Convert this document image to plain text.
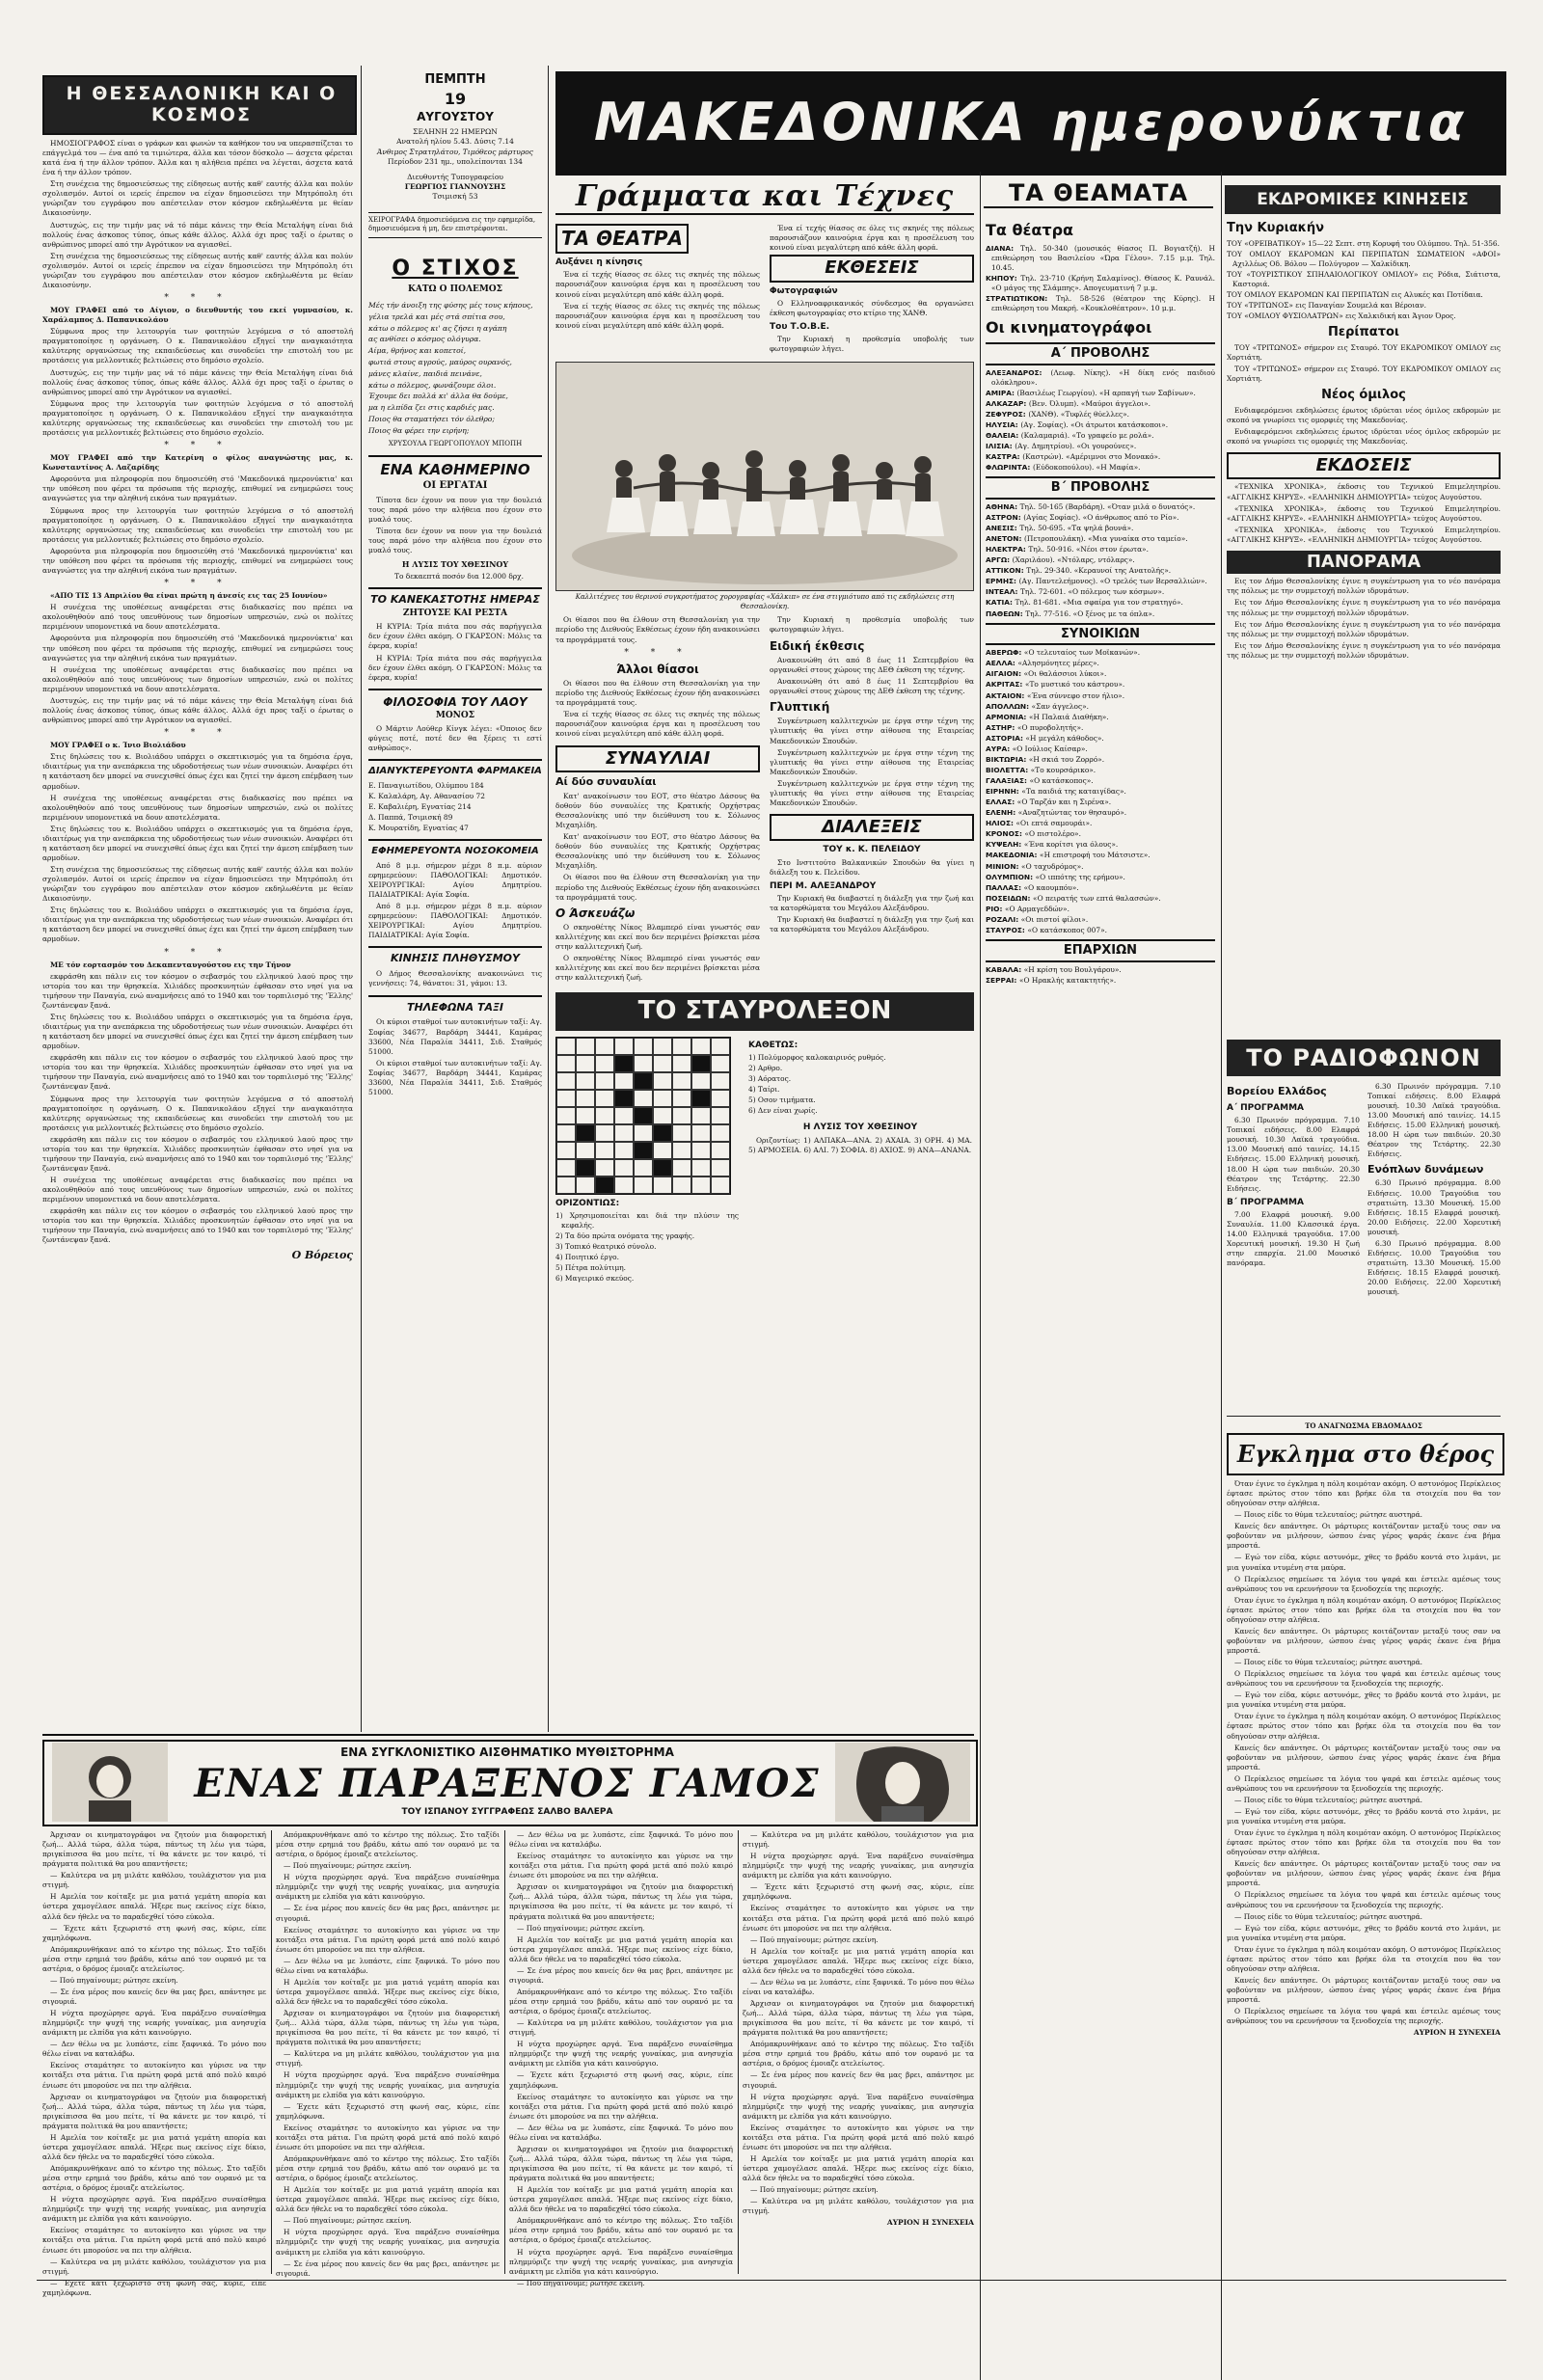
Η ΘΕΣΣΑΛΟΝΙΚΗ ΚΑΙ Ο ΚΟΣΜΟΣ

ΗΜΟΣΙΟΓΡΑΦΟΣ είναι ο γράφων και φωνών τα καθήκον του να υπερασπίζεται το επάγγελμά του — ένα από τα τιμιώτερα, άλλα και τόσον δύσκολο — άσχετα φέρεται κατά ένα ή την άλλον τρόπον. Άλλα και η αλήθεια πρέπει να λέγεται, άσχετα κατά ένα ή την άλλον τρόπον.

Στη συνέχεια της δημοσιεύσεως της είδησεως αυτής καθ' εαυτής άλλα και πολύν σχολιασμόν. Αυτοί οι ιερείς έπρεπον να είχαν δημοσιεύσει την Μητρόπολη ότι γνώριζαν του εγγράφου που απέστειλαν στον κόσμον εκδηλωθέντα με θείαν Δικαιοσύνην.

Δυστυχώς, εις την τιμήν μας νά τό πάμε κάνεις την Θεία Μεταλήψη είναι διά πολλούς ένας άσκοπος τύπος, όπως κάθε άλλος. Αλλά όχι προς ταξί ο έρωτας ο ανθρώπινος μπορεί από την Αγρότικον να αγιασθεί.

Στη συνέχεια της δημοσιεύσεως της είδησεως αυτής καθ' εαυτής άλλα και πολύν σχολιασμόν. Αυτοί οι ιερείς έπρεπον να είχαν δημοσιεύσει την Μητρόπολη ότι γνώριζαν του εγγράφου που απέστειλαν στον κόσμον εκδηλωθέντα με θείαν Δικαιοσύνην.

* * *

ΜΟΥ ΓΡΑΦΕΙ από το Αίγιον, ο διευθυντής του εκεί γυμνασίου, κ. Χαράλαμπος Δ. Παπανικολάου

Σύμφωνα προς την λειτουργία των φοιτητών λεγόμενα σ τό αποστολή πραγματοποίησε η οργάνωση. Ο κ. Παπανικολάου εξηγεί την αναγκαιότητα καλύτερης οργανώσεως της εκπαιδεύσεως και συνοδεύει την επιστολή του με προτάσεις για μελλοντικές βελτιώσεις στο δημόσιο σχολείο.

Δυστυχώς, εις την τιμήν μας νά τό πάμε κάνεις την Θεία Μεταλήψη είναι διά πολλούς ένας άσκοπος τύπος, όπως κάθε άλλος. Αλλά όχι προς ταξί ο έρωτας ο ανθρώπινος μπορεί από την Αγρότικον να αγιασθεί.

Σύμφωνα προς την λειτουργία των φοιτητών λεγόμενα σ τό αποστολή πραγματοποίησε η οργάνωση. Ο κ. Παπανικολάου εξηγεί την αναγκαιότητα καλύτερης οργανώσεως της εκπαιδεύσεως και συνοδεύει την επιστολή του με προτάσεις για μελλοντικές βελτιώσεις στο δημόσιο σχολείο.

* * *

ΜΟΥ ΓΡΑΦΕΙ από την Κατερίνη ο φίλος αναγνώστης μας, κ. Κωνσταντίνος Α. Λαζαρίδης

Αφορούντα μια πληροφορία που δημοσιεύθη στό 'Μακεδονικά ημερονύκτια' και την υπόθεση που φέρει τα πρόσωπα τής περιοχής, επιθυμεί να ενημερώσει τους αναγνώστες για την αληθινή εικόνα των πραγμάτων.

Σύμφωνα προς την λειτουργία των φοιτητών λεγόμενα σ τό αποστολή πραγματοποίησε η οργάνωση. Ο κ. Παπανικολάου εξηγεί την αναγκαιότητα καλύτερης οργανώσεως της εκπαιδεύσεως και συνοδεύει την επιστολή του με προτάσεις για μελλοντικές βελτιώσεις στο δημόσιο σχολείο.

Αφορούντα μια πληροφορία που δημοσιεύθη στό 'Μακεδονικά ημερονύκτια' και την υπόθεση που φέρει τα πρόσωπα τής περιοχής, επιθυμεί να ενημερώσει τους αναγνώστες για την αληθινή εικόνα των πραγμάτων.

* * *

«ΑΠΟ ΤΙΣ 13 Απριλίου θα είναι πρώτη η άνεσίς εις τας 25 Ιουνίου»

Η συνέχεια της υποθέσεως αναφέρεται στις διαδικασίες που πρέπει να ακολουθηθούν από τους υπευθύνους των δημοσίων υπηρεσιών, ενώ οι πολίτες περιμένουν υπομονετικά να δουν αποτελέσματα.

Αφορούντα μια πληροφορία που δημοσιεύθη στό 'Μακεδονικά ημερονύκτια' και την υπόθεση που φέρει τα πρόσωπα τής περιοχής, επιθυμεί να ενημερώσει τους αναγνώστες για την αληθινή εικόνα των πραγμάτων.

Η συνέχεια της υποθέσεως αναφέρεται στις διαδικασίες που πρέπει να ακολουθηθούν από τους υπευθύνους των δημοσίων υπηρεσιών, ενώ οι πολίτες περιμένουν υπομονετικά να δουν αποτελέσματα.

Δυστυχώς, εις την τιμήν μας νά τό πάμε κάνεις την Θεία Μεταλήψη είναι διά πολλούς ένας άσκοπος τύπος, όπως κάθε άλλος. Αλλά όχι προς ταξί ο έρωτας ο ανθρώπινος μπορεί από την Αγρότικον να αγιασθεί.

* * *

ΜΟΥ ΓΡΑΦΕΙ ο κ. Ίνιο Βιολιάδου

Στις δηλώσεις του κ. Βιολιάδου υπάρχει ο σκεπτικισμός για τα δημόσια έργα, ιδιαιτέρως για την ανεπάρκεια της υδροδοτήσεως των νέων συνοικιών. Αναφέρει ότι η κατάσταση δεν μπορεί να συνεχισθεί όπως έχει και ζητεί την άμεση επέμβαση των αρμοδίων.

Η συνέχεια της υποθέσεως αναφέρεται στις διαδικασίες που πρέπει να ακολουθηθούν από τους υπευθύνους των δημοσίων υπηρεσιών, ενώ οι πολίτες περιμένουν υπομονετικά να δουν αποτελέσματα.

Στις δηλώσεις του κ. Βιολιάδου υπάρχει ο σκεπτικισμός για τα δημόσια έργα, ιδιαιτέρως για την ανεπάρκεια της υδροδοτήσεως των νέων συνοικιών. Αναφέρει ότι η κατάσταση δεν μπορεί να συνεχισθεί όπως έχει και ζητεί την άμεση επέμβαση των αρμοδίων.

Στη συνέχεια της δημοσιεύσεως της είδησεως αυτής καθ' εαυτής άλλα και πολύν σχολιασμόν. Αυτοί οι ιερείς έπρεπον να είχαν δημοσιεύσει την Μητρόπολη ότι γνώριζαν του εγγράφου που απέστειλαν στον κόσμον εκδηλωθέντα με θείαν Δικαιοσύνην.

Στις δηλώσεις του κ. Βιολιάδου υπάρχει ο σκεπτικισμός για τα δημόσια έργα, ιδιαιτέρως για την ανεπάρκεια της υδροδοτήσεως των νέων συνοικιών. Αναφέρει ότι η κατάσταση δεν μπορεί να συνεχισθεί όπως έχει και ζητεί την άμεση επέμβαση των αρμοδίων.

* * *

ΜΕ τόν εορτασμόν του Δεκαπενταυγούστου εις την Τήνον

εκφράσθη και πάλιν εις τον κόσμον ο σεβασμός του ελληνικού λαού προς την ιστορία του και την θρησκεία. Χιλιάδες προσκυνητών έφθασαν στο νησί για να τιμήσουν την Παναγία, ενώ αναμνήσεις από το 1940 και τον τορπιλισμό της 'Έλλης' ζωντάνεψαν ξανά.

Στις δηλώσεις του κ. Βιολιάδου υπάρχει ο σκεπτικισμός για τα δημόσια έργα, ιδιαιτέρως για την ανεπάρκεια της υδροδοτήσεως των νέων συνοικιών. Αναφέρει ότι η κατάσταση δεν μπορεί να συνεχισθεί όπως έχει και ζητεί την άμεση επέμβαση των αρμοδίων.

εκφράσθη και πάλιν εις τον κόσμον ο σεβασμός του ελληνικού λαού προς την ιστορία του και την θρησκεία. Χιλιάδες προσκυνητών έφθασαν στο νησί για να τιμήσουν την Παναγία, ενώ αναμνήσεις από το 1940 και τον τορπιλισμό της 'Έλλης' ζωντάνεψαν ξανά.

Σύμφωνα προς την λειτουργία των φοιτητών λεγόμενα σ τό αποστολή πραγματοποίησε η οργάνωση. Ο κ. Παπανικολάου εξηγεί την αναγκαιότητα καλύτερης οργανώσεως της εκπαιδεύσεως και συνοδεύει την επιστολή του με προτάσεις για μελλοντικές βελτιώσεις στο δημόσιο σχολείο.

εκφράσθη και πάλιν εις τον κόσμον ο σεβασμός του ελληνικού λαού προς την ιστορία του και την θρησκεία. Χιλιάδες προσκυνητών έφθασαν στο νησί για να τιμήσουν την Παναγία, ενώ αναμνήσεις από το 1940 και τον τορπιλισμό της 'Έλλης' ζωντάνεψαν ξανά.

Η συνέχεια της υποθέσεως αναφέρεται στις διαδικασίες που πρέπει να ακολουθηθούν από τους υπευθύνους των δημοσίων υπηρεσιών, ενώ οι πολίτες περιμένουν υπομονετικά να δουν αποτελέσματα.

εκφράσθη και πάλιν εις τον κόσμον ο σεβασμός του ελληνικού λαού προς την ιστορία του και την θρησκεία. Χιλιάδες προσκυνητών έφθασαν στο νησί για να τιμήσουν την Παναγία, ενώ αναμνήσεις από το 1940 και τον τορπιλισμό της 'Έλλης' ζωντάνεψαν ξανά.

Ο Βόρειος
ΠΕΜΠΤΗ
19
ΑΥΓΟΥΣΤΟΥ
ΣΕΛΗΝΗ 22 ΗΜΕΡΩΝ
Ανατολή ηλίου 5.43. Δύσις 7.14
Άνθιμος Στρατηλάτου, Τιμόθεος μάρτυρος
Περίοδον 231 ημ., υπολείπονται 134
Διευθυντής Τυπογραφείου
ΓΕΩΡΓΙΟΣ ΓΙΑΝΝΟΥΣΗΣ
Τσιμισκή 53
ΧΕΙΡΟΓΡΑΦΑ δημοσιεύόμενα εις την εφημερίδα, δημοσιευόμενα ή μη, δεν επιστρέφονται.
Ο ΣΤΙΧΟΣ
ΚΑΤΩ Ο ΠΟΛΕΜΟΣ
Μές τήν άνοιξη της φύσης μές τους κήπους,
γέλια τρελά και μές στά σπίτια σου,
κάτω ο πόλεμος κι' ας ζήσει η αγάπη
ας ανθίσει ο κόσμος ολόγυρα.
Αίμα, θρήνος και κοπετοί,
φωτιά στους αγρούς, μαύρος ουρανός,
μάνες κλαίνε, παιδιά πεινάνε,
κάτω ο πόλεμος, φωνάζουμε όλοι.
Έχουμε δει πολλά κι' άλλα θα δούμε,
μα η ελπίδα ζει στις καρδιές μας.
Ποιος θα σταματήσει τόν όλεθρο;
Ποιος θα φέρει την ειρήνη;
ΧΡΥΣΟΥΛΑ ΓΕΩΡΓΟΠΟΥΛΟΥ ΜΠΟΠΗ
ΕΝΑ ΚΑΘΗΜΕΡΙΝΟ
ΟΙ ΕΡΓΑΤΑΙ

Τίποτα δεν έχουν να πουν για την δουλειά τους παρά μόνο την αλήθεια που έχουν στο μυαλό τους.

Τίποτα δεν έχουν να πουν για την δουλειά τους παρά μόνο την αλήθεια που έχουν στο μυαλό τους.

Η ΛΥΣΙΣ ΤΟΥ ΧΘΕΣΙΝΟΥ

Το δεκαεπτά ποσόν δια 12.000 δρχ.

ΤΟ ΚΑΝΕΚΑΣΤΟΤΗΣ ΗΜΕΡΑΣ
ΖΗΤΟΥΣΕ ΚΑΙ ΡΕΣΤΑ

Η ΚΥΡΙΑ: Τρία πιάτα που σάς παρήγγειλα δεν έχουν έλθει ακόμη. Ο ΓΚΑΡΣΟΝ: Μόλις τα έφερα, κυρία!

Η ΚΥΡΙΑ: Τρία πιάτα που σάς παρήγγειλα δεν έχουν έλθει ακόμη. Ο ΓΚΑΡΣΟΝ: Μόλις τα έφερα, κυρία!

ΦΙΛΟΣΟΦΙΑ ΤΟΥ ΛΑΟΥ
ΜΟΝΟΣ

Ο Μάρτιν Λούθερ Κίνγκ λέγει: «Όποιος δεν φύγεις ποτέ, ποτέ δεν θα ξέρεις τι εστί ανθρώπος».

ΔΙΑΝΥΚΤΕΡΕΥΟΝΤΑ ΦΑΡΜΑΚΕΙΑ
Ε. Παναγιωτίδου, Ολύμπου 184
Κ. Καλαλάρη, Αγ. Αθανασίου 72
Ε. Καβαλιέρη, Εγνατίας 214
Δ. Παππά, Τσιμισκή 89
Κ. Μουρατίδη, Εγνατίας 47
ΕΦΗΜΕΡΕΥΟΝΤΑ ΝΟΣΟΚΟΜΕΙΑ

Από 8 μ.μ. σήμερον μέχρι 8 π.μ. αύριον εφημερεύουν: ΠΑΘΟΛΟΓΙΚΑΙ: Δημοτικόν. ΧΕΙΡΟΥΡΓΙΚΑΙ: Αγίου Δημητρίου. ΠΑΙΔΙΑΤΡΙΚΑΙ: Αγία Σοφία.

Από 8 μ.μ. σήμερον μέχρι 8 π.μ. αύριον εφημερεύουν: ΠΑΘΟΛΟΓΙΚΑΙ: Δημοτικόν. ΧΕΙΡΟΥΡΓΙΚΑΙ: Αγίου Δημητρίου. ΠΑΙΔΙΑΤΡΙΚΑΙ: Αγία Σοφία.

ΚΙΝΗΣΙΣ ΠΛΗΘΥΣΜΟΥ

Ο Δήμος Θεσσαλονίκης ανακοινώνει τις γεννήσεις: 74, θάνατοι: 31, γάμοι: 13.

ΤΗΛΕΦΩΝΑ ΤΑΞΙ

Οι κύριοι σταθμοί των αυτοκινήτων ταξί: Αγ. Σοφίας 34677, Βαρδάρη 34441, Καμάρας 33600, Νέα Παραλία 34411, Σιδ. Σταθμός 51000.

Οι κύριοι σταθμοί των αυτοκινήτων ταξί: Αγ. Σοφίας 34677, Βαρδάρη 34441, Καμάρας 33600, Νέα Παραλία 34411, Σιδ. Σταθμός 51000.

ΜΑΚΕΔΟΝΙΚΑ ημερονύκτια
Γράμματα και Τέχνες	ΤΑ ΘΕΑΜΑΤΑ	ΕΚΔΡΟΜΙΚΕΣ ΚΙΝΗΣΕΙΣ
ΤΑ ΘΕΑΤΡΑ
Αυξάνει η κίνησις

Ένα εί τεχής θίασος σε όλες τις σκηνές της πόλεως παρουσιάζουν καινούρια έργα και η προσέλευση του κοινού είναι μεγαλύτερη από κάθε άλλη φορά.

Ένα εί τεχής θίασος σε όλες τις σκηνές της πόλεως παρουσιάζουν καινούρια έργα και η προσέλευση του κοινού είναι μεγαλύτερη από κάθε άλλη φορά.

Ένα εί τεχής θίασος σε όλες τις σκηνές της πόλεως παρουσιάζουν καινούρια έργα και η προσέλευση του κοινού είναι μεγαλύτερη από κάθε άλλη φορά.

ΕΚΘΕΣΕΙΣ
Φωτογραφιών

Ο Ελληνοαφρικανικός σύνδεσμος θα οργανώσει έκθεση φωτογραφίας στο κτίριο της ΧΑΝΘ.

Του Τ.Ο.Β.Ε.

Την Κυριακή η προθεσμία υποβολής των φωτογραφιών λήγει.

Καλλιτέχνες του θερινού συγκροτήματος χορογραφίας «Χάλκιπ» σε ένα στιγμιότυπο από τις εκδηλώσεις στη Θεσσαλονίκη.

Οι θίασοι που θα έλθουν στη Θεσσαλονίκη για την περίοδο της Διεθνούς Εκθέσεως έχουν ήδη ανακοινώσει τα προγράμματά τους.

* * *
Άλλοι θίασοι

Οι θίασοι που θα έλθουν στη Θεσσαλονίκη για την περίοδο της Διεθνούς Εκθέσεως έχουν ήδη ανακοινώσει τα προγράμματά τους.

Ένα εί τεχής θίασος σε όλες τις σκηνές της πόλεως παρουσιάζουν καινούρια έργα και η προσέλευση του κοινού είναι μεγαλύτερη από κάθε άλλη φορά.

ΣΥΝΑΥΛΙΑΙ
Αί δύο συναυλίαι

Κατ' ανακοίνωσιν του ΕΟΤ, στο θέατρο Δάσους θα δοθούν δύο συναυλίες της Κρατικής Ορχήστρας Θεσσαλονίκης υπό την διεύθυνση του κ. Σόλωνος Μιχαηλίδη.

Κατ' ανακοίνωσιν του ΕΟΤ, στο θέατρο Δάσους θα δοθούν δύο συναυλίες της Κρατικής Ορχήστρας Θεσσαλονίκης υπό την διεύθυνση του κ. Σόλωνος Μιχαηλίδη.

Οι θίασοι που θα έλθουν στη Θεσσαλονίκη για την περίοδο της Διεθνούς Εκθέσεως έχουν ήδη ανακοινώσει τα προγράμματά τους.

Ο Άσκευάζω

Ο σκηνοθέτης Νίκος Βλαμπερό είναι γνωστός σαν καλλιτέχνης και εκεί που δεν περιμένει βρίσκεται μέσα στην καλλιτεχνική ζωή.

Ο σκηνοθέτης Νίκος Βλαμπερό είναι γνωστός σαν καλλιτέχνης και εκεί που δεν περιμένει βρίσκεται μέσα στην καλλιτεχνική ζωή.

Την Κυριακή η προθεσμία υποβολής των φωτογραφιών λήγει.

Ειδική έκθεσις

Ανακοινώθη ότι από 8 έως 11 Σεπτεμβρίου θα οργανωθεί στους χώρους της ΔΕΘ έκθεση της τέχνης.

Ανακοινώθη ότι από 8 έως 11 Σεπτεμβρίου θα οργανωθεί στους χώρους της ΔΕΘ έκθεση της τέχνης.

Γλυπτική

Συγκέντρωση καλλιτεχνών με έργα στην τέχνη της γλυπτικής θα γίνει στην αίθουσα της Εταιρείας Μακεδονικών Σπουδών.

Συγκέντρωση καλλιτεχνών με έργα στην τέχνη της γλυπτικής θα γίνει στην αίθουσα της Εταιρείας Μακεδονικών Σπουδών.

Συγκέντρωση καλλιτεχνών με έργα στην τέχνη της γλυπτικής θα γίνει στην αίθουσα της Εταιρείας Μακεδονικών Σπουδών.

ΔΙΑΛΕΞΕΙΣ
ΤΟΥ κ. Κ. ΠΕΛΕΙΔΟΥ

Στο Ινστιτούτο Βαλκανικών Σπουδών θα γίνει η διάλεξη του κ. Πελείδου.

ΠΕΡΙ Μ. ΑΛΕΞΑΝΔΡΟΥ

Την Κυριακή θα διαβαστεί η διάλεξη για την ζωή και τα κατορθώματα του Μεγάλου Αλεξάνδρου.

Την Κυριακή θα διαβαστεί η διάλεξη για την ζωή και τα κατορθώματα του Μεγάλου Αλεξάνδρου.

ΤΟ ΣΤΑΥΡΟΛΕΞΟΝ
ΟΡΙΖΟΝΤΙΩΣ:
1) Χρησιμοποιείται και διά την πλύσιν της κεφαλής.
2) Τα δύο πρώτα ονόματα της γραφής.
3) Τοπικό θεατρικό σύνολο.
4) Ποιητικό έργο.
5) Πέτρα πολύτιμη.
6) Μαγειρικό σκεύος.
ΚΑΘΕΤΩΣ:
1) Πολύμορφος καλοκαιρινός ρυθμός.
2) Αρθρο.
3) Αόρατος.
4) Ταίρι.
5) Οσον τιμήματα.
6) Δεν είναι χωρίς.
Η ΛΥΣΙΣ ΤΟΥ ΧΘΕΣΙΝΟΥ

Οριζοντίως: 1) ΑΛΠΑΚΑ—ΑΝΑ. 2) ΑΧΑΙΑ. 3) ΟΡΗ. 4) ΜΑ. 5) ΑΡΜΟΣΕΙΑ. 6) ΑΛΙ. 7) ΣΟΦΙΑ. 8) ΑΧΙΟΣ. 9) ΑΝΑ—ΑΝΑΝΑ.

Τα θέατρα
ΔΙΑΝΑ: Τηλ. 50-340 (μουσικός θίασος Π. Βογιατζή). Η επιθεώρηση του Βασιλείου «Ώρα Γέλου». 7.15 μ.μ. Τηλ. 10.45.
ΚΗΠΟΥ: Τηλ. 23-710 (Κρήνη Σαλαμίνος). Θίασος Κ. Ραυνάλ. «Ο μάγος της Σλάμπης». Απογευματινή 7 μ.μ.
ΣΤΡΑΤΙΩΤΙΚΟΝ: Τηλ. 58-526 (θέατρον της Κύρης). Η επιθεώρηση του Μακρή. «Κουκλοθέατρον». 10 μ.μ.
Οι κινηματογράφοι
Α΄ ΠΡΟΒΟΛΗΣ
ΑΛΕΞΑΝΔΡΟΣ: (Λεωφ. Νίκης). «Η δίκη ενός παιδιού ολόκληρου».
ΑΜΙΡΑ: (Βασιλέως Γεωργίου). «Η αρπαγή των Σαβίνων».
ΑΛΚΑΖΑΡ: (Βεν. Όλυμπ). «Μαύροι άγγελοι».
ΖΕΦΥΡΟΣ: (ΧΑΝΘ). «Τυφλές θύελλες».
ΗΛΥΣΙΑ: (Αγ. Σοφίας). «Οι άτρωτοι κατάσκοποι».
ΘΑΛΕΙΑ: (Καλαμαριά). «Το γραφείο με ρολά».
ΙΛΙΣΙΑ: (Αγ. Δημητρίου). «Οι γουρούνες».
ΚΑΣΤΡΑ: (Καστρών). «Αμέριμνοι στο Μονακό».
ΦΛΩΡΙΝΤΑ: (Εύδοκοπούλου). «Η Μαφία».
Β΄ ΠΡΟΒΟΛΗΣ
ΑΘΗΝΑ: Τηλ. 50-165 (Βαρδάρη). «Όταν μιλά ο δυνατός».
ΑΣΤΡΟΝ: (Αγίας Σοφίας). «Ο άνθρωπος από το Ρίο».
ΑΝΕΣΙΣ: Τηλ. 50-695. «Τα ψηλά βουνά».
ΑΝΕΤΟΝ: (Πετροπουλάκη). «Μια γυναίκα στο ταμείο».
ΗΛΕΚΤΡΑ: Τηλ. 50-916. «Νέοι στον έρωτα».
ΑΡΓΩ: (Χαριλάου). «Ντόλαρς, ντόλαρς».
ΑΤΤΙΚΟΝ: Τηλ. 29-340. «Κεραυνοί της Ανατολής».
ΕΡΜΗΣ: (Αγ. Παντελεήμονος). «Ο τρελός των Βερσαλλιών».
ΙΝΤΕΑΛ: Τηλ. 72-601. «Ο πόλεμος των κόσμων».
ΚΑΤΙΑ: Τηλ. 81-681. «Μια σφαίρα για τον στρατηγό».
ΠΑΘΕΩΝ: Τηλ. 77-516. «Ο ξένος με τα όπλα».
ΣΥΝΟΙΚΙΩΝ
ΑΒΕΡΩΦ: «Ο τελευταίος των Μοϊκανών».
ΑΕΛΛΑ: «Αλησμόνητες μέρες».
ΑΙΓΑΙΟΝ: «Οι θαλάσσιοι λύκοι».
ΑΚΡΙΤΑΣ: «Το μυστικό του κάστρου».
ΑΚΤΑΙΟΝ: «Ένα σύννεφο στον ήλιο».
ΑΠΟΛΛΩΝ: «Σαν άγγελος».
ΑΡΜΟΝΙΑ: «Η Παλαιά Διαθήκη».
ΑΣΤΗΡ: «Ο πυροβολητής».
ΑΣΤΟΡΙΑ: «Η μεγάλη κάθοδος».
ΑΥΡΑ: «Ο Ιούλιος Καίσαρ».
ΒΙΚΤΩΡΙΑ: «Η σκιά του Ζορρό».
ΒΙΟΛΕΤΤΑ: «Το κουρσάρικο».
ΓΑΛΑΞΙΑΣ: «Ο κατάσκοπος».
ΕΙΡΗΝΗ: «Τα παιδιά της καταιγίδας».
ΕΛΛΑΣ: «Ο Ταρζάν και η Σιρένα».
ΕΛΕΝΗ: «Αναζητώντας τον θησαυρό».
ΗΛΙΟΣ: «Οι επτά σαμουράι».
ΚΡΟΝΟΣ: «Ο πιστολέρο».
ΚΥΨΕΛΗ: «Ένα κορίτσι για όλους».
ΜΑΚΕΔΟΝΙΑ: «Η επιστροφή του Μάτσιστε».
ΜΙΝΙΟΝ: «Ο ταχυδρόμος».
ΟΛΥΜΠΙΟΝ: «Ο ιππότης της ερήμου».
ΠΑΛΛΑΣ: «Ο καουμπόυ».
ΠΟΣΕΙΔΩΝ: «Ο πειρατής των επτά θαλασσών».
ΡΙΟ: «Ο Αρμαγεδδών».
ΡΟΖΑΛΙ: «Οι πιστοί φίλοι».
ΣΤΑΥΡΟΣ: «Ο κατάσκοπος 007».
ΕΠΑΡΧΙΩΝ
ΚΑΒΑΛΑ: «Η κρίση του Βουλγάρου».
ΣΕΡΡΑΙ: «Ο Ηρακλής κατακτητής».
Την Κυριακήν
ΤΟΥ «ΟΡΕΙΒΑΤΙΚΟΥ» 15—22 Σεπτ. στη Κορυφή του Ολύμπου. Τηλ. 51-356.
ΤΟΥ ΟΜΙΛΟΥ ΕΚΔΡΟΜΩΝ ΚΑΙ ΠΕΡΙΠΑΤΩΝ ΣΩΜΑΤΕΙΟΝ «ΑΦΟΙ» Αχιλλέως Οδ. Βόλου — Πολύγυρον — Χαλκίδικη.
ΤΟΥ «ΤΟΥΡΙΣΤΙΚΟΥ ΣΠΗΛΑΙΟΛΟΓΙΚΟΥ ΟΜΙΛΟΥ» εις Ρόδια, Σιάτιστα, Καστοριά.
ΤΟΥ ΟΜΙΛΟΥ ΕΚΔΡΟΜΩΝ ΚΑΙ ΠΕΡΙΠΑΤΩΝ εις Αλυκές και Ποτίδαια.
ΤΟΥ «ΤΡΙΤΩΝΟΣ» εις Παναγίαν Σουμελά και Βέροιαν.
ΤΟΥ «ΟΜΙΛΟΥ ΦΥΣΙΟΛΑΤΡΩΝ» εις Χαλκιδική και Άγιον Όρος.
Περίπατοι

ΤΟΥ «ΤΡΙΤΩΝΟΣ» σήμερον εις Σταυρό. ΤΟΥ ΕΚΔΡΟΜΙΚΟΥ ΟΜΙΛΟΥ εις Χορτιάτη.

ΤΟΥ «ΤΡΙΤΩΝΟΣ» σήμερον εις Σταυρό. ΤΟΥ ΕΚΔΡΟΜΙΚΟΥ ΟΜΙΛΟΥ εις Χορτιάτη.

Νέος όμιλος

Ενδιαφερόμενοι εκδηλώσεις έρωτος ιδρύεται νέος όμιλος εκδρομών με σκοπό να γνωρίσει τις ομορφιές της Μακεδονίας.

Ενδιαφερόμενοι εκδηλώσεις έρωτος ιδρύεται νέος όμιλος εκδρομών με σκοπό να γνωρίσει τις ομορφιές της Μακεδονίας.

ΕΚΔΟΣΕΙΣ

«ΤΕΧΝΙΚΑ ΧΡΟΝΙΚΑ», έκδοσις του Τεχνικού Επιμελητηρίου. «ΑΓΓΛΙΚΗΣ ΚΗΡΥΞ». «ΕΛΛΗΝΙΚΗ ΔΗΜΙΟΥΡΓΙΑ» τεύχος Αυγούστου.

«ΤΕΧΝΙΚΑ ΧΡΟΝΙΚΑ», έκδοσις του Τεχνικού Επιμελητηρίου. «ΑΓΓΛΙΚΗΣ ΚΗΡΥΞ». «ΕΛΛΗΝΙΚΗ ΔΗΜΙΟΥΡΓΙΑ» τεύχος Αυγούστου.

«ΤΕΧΝΙΚΑ ΧΡΟΝΙΚΑ», έκδοσις του Τεχνικού Επιμελητηρίου. «ΑΓΓΛΙΚΗΣ ΚΗΡΥΞ». «ΕΛΛΗΝΙΚΗ ΔΗΜΙΟΥΡΓΙΑ» τεύχος Αυγούστου.

ΠΑΝΟΡΑΜΑ

Εις τον Δήμο Θεσσαλονίκης έγινε η συγκέντρωση για το νέο πανόραμα της πόλεως με την συμμετοχή πολλών ιδρυμάτων.

Εις τον Δήμο Θεσσαλονίκης έγινε η συγκέντρωση για το νέο πανόραμα της πόλεως με την συμμετοχή πολλών ιδρυμάτων.

Εις τον Δήμο Θεσσαλονίκης έγινε η συγκέντρωση για το νέο πανόραμα της πόλεως με την συμμετοχή πολλών ιδρυμάτων.

Εις τον Δήμο Θεσσαλονίκης έγινε η συγκέντρωση για το νέο πανόραμα της πόλεως με την συμμετοχή πολλών ιδρυμάτων.

ΤΟ ΡΑΔΙΟΦΩΝΟΝ
Βορείου Ελλάδος
Α΄ ΠΡΟΓΡΑΜΜΑ

6.30 Πρωινόν πρόγραμμα. 7.10 Τοπικαί ειδήσεις. 8.00 Ελαφρά μουσική. 10.30 Λαϊκά τραγούδια. 13.00 Μουσική από ταινίες. 14.15 Ειδήσεις. 15.00 Ελληνική μουσική. 18.00 Η ώρα των παιδιών. 20.30 Θέατρον της Τετάρτης. 22.30 Ειδήσεις.

Β΄ ΠΡΟΓΡΑΜΜΑ

7.00 Ελαφρά μουσική. 9.00 Συναυλία. 11.00 Κλασσικά έργα. 14.00 Ελληνικά τραγούδια. 17.00 Χορευτική μουσική. 19.30 Η ζωή στην επαρχία. 21.00 Μουσικό πανόραμα.

6.30 Πρωινόν πρόγραμμα. 7.10 Τοπικαί ειδήσεις. 8.00 Ελαφρά μουσική. 10.30 Λαϊκά τραγούδια. 13.00 Μουσική από ταινίες. 14.15 Ειδήσεις. 15.00 Ελληνική μουσική. 18.00 Η ώρα των παιδιών. 20.30 Θέατρον της Τετάρτης. 22.30 Ειδήσεις.

Ενόπλων δυνάμεων

6.30 Πρωινό πρόγραμμα. 8.00 Ειδήσεις. 10.00 Τραγούδια του στρατιώτη. 13.30 Μουσική. 15.00 Ειδήσεις. 18.15 Ελαφρά μουσική. 20.00 Ειδήσεις. 22.00 Χορευτική μουσική.

6.30 Πρωινό πρόγραμμα. 8.00 Ειδήσεις. 10.00 Τραγούδια του στρατιώτη. 13.30 Μουσική. 15.00 Ειδήσεις. 18.15 Ελαφρά μουσική. 20.00 Ειδήσεις. 22.00 Χορευτική μουσική.

ΤΟ ΑΝΑΓΝΩΣΜΑ ΕΒΔΟΜΑΔΟΣ
Εγκλημα στο θέρος

Όταν έγινε το έγκλημα η πόλη κοιμόταν ακόμη. Ο αστυνόμος Περίκλειος έφτασε πρώτος στον τόπο και βρήκε όλα τα στοιχεία που θα τον οδηγούσαν στην αλήθεια.

— Ποιος είδε το θύμα τελευταίος; ρώτησε αυστηρά.

Κανείς δεν απάντησε. Οι μάρτυρες κοιτάζονταν μεταξύ τους σαν να φοβούνταν να μιλήσουν, ώσπου ένας γέρος ψαράς έκανε ένα βήμα μπροστά.

— Εγώ τον είδα, κύριε αστυνόμε, χθες το βράδυ κοντά στο λιμάνι, με μια γυναίκα ντυμένη στα μαύρα.

Ο Περίκλειος σημείωσε τα λόγια του ψαρά και έστειλε αμέσως τους ανθρώπους του να ερευνήσουν τα ξενοδοχεία της περιοχής.

Όταν έγινε το έγκλημα η πόλη κοιμόταν ακόμη. Ο αστυνόμος Περίκλειος έφτασε πρώτος στον τόπο και βρήκε όλα τα στοιχεία που θα τον οδηγούσαν στην αλήθεια.

Κανείς δεν απάντησε. Οι μάρτυρες κοιτάζονταν μεταξύ τους σαν να φοβούνταν να μιλήσουν, ώσπου ένας γέρος ψαράς έκανε ένα βήμα μπροστά.

— Ποιος είδε το θύμα τελευταίος; ρώτησε αυστηρά.

Ο Περίκλειος σημείωσε τα λόγια του ψαρά και έστειλε αμέσως τους ανθρώπους του να ερευνήσουν τα ξενοδοχεία της περιοχής.

— Εγώ τον είδα, κύριε αστυνόμε, χθες το βράδυ κοντά στο λιμάνι, με μια γυναίκα ντυμένη στα μαύρα.

Όταν έγινε το έγκλημα η πόλη κοιμόταν ακόμη. Ο αστυνόμος Περίκλειος έφτασε πρώτος στον τόπο και βρήκε όλα τα στοιχεία που θα τον οδηγούσαν στην αλήθεια.

Κανείς δεν απάντησε. Οι μάρτυρες κοιτάζονταν μεταξύ τους σαν να φοβούνταν να μιλήσουν, ώσπου ένας γέρος ψαράς έκανε ένα βήμα μπροστά.

Ο Περίκλειος σημείωσε τα λόγια του ψαρά και έστειλε αμέσως τους ανθρώπους του να ερευνήσουν τα ξενοδοχεία της περιοχής.

— Ποιος είδε το θύμα τελευταίος; ρώτησε αυστηρά.

— Εγώ τον είδα, κύριε αστυνόμε, χθες το βράδυ κοντά στο λιμάνι, με μια γυναίκα ντυμένη στα μαύρα.

Όταν έγινε το έγκλημα η πόλη κοιμόταν ακόμη. Ο αστυνόμος Περίκλειος έφτασε πρώτος στον τόπο και βρήκε όλα τα στοιχεία που θα τον οδηγούσαν στην αλήθεια.

Κανείς δεν απάντησε. Οι μάρτυρες κοιτάζονταν μεταξύ τους σαν να φοβούνταν να μιλήσουν, ώσπου ένας γέρος ψαράς έκανε ένα βήμα μπροστά.

Ο Περίκλειος σημείωσε τα λόγια του ψαρά και έστειλε αμέσως τους ανθρώπους του να ερευνήσουν τα ξενοδοχεία της περιοχής.

— Ποιος είδε το θύμα τελευταίος; ρώτησε αυστηρά.

— Εγώ τον είδα, κύριε αστυνόμε, χθες το βράδυ κοντά στο λιμάνι, με μια γυναίκα ντυμένη στα μαύρα.

Όταν έγινε το έγκλημα η πόλη κοιμόταν ακόμη. Ο αστυνόμος Περίκλειος έφτασε πρώτος στον τόπο και βρήκε όλα τα στοιχεία που θα τον οδηγούσαν στην αλήθεια.

Κανείς δεν απάντησε. Οι μάρτυρες κοιτάζονταν μεταξύ τους σαν να φοβούνταν να μιλήσουν, ώσπου ένας γέρος ψαράς έκανε ένα βήμα μπροστά.

Ο Περίκλειος σημείωσε τα λόγια του ψαρά και έστειλε αμέσως τους ανθρώπους του να ερευνήσουν τα ξενοδοχεία της περιοχής.

ΑΥΡΙΟΝ Η ΣΥΝΕΧΕΙΑ
ΕΝΑ ΣΥΓΚΛΟΝΙΣΤΙΚΟ ΑΙΣΘΗΜΑΤΙΚΟ ΜΥΘΙΣΤΟΡΗΜΑ
ΕΝΑΣ ΠΑΡΑΞΕΝΟΣ ΓΑΜΟΣ
ΤΟΥ ΙΣΠΑΝΟΥ ΣΥΓΓΡΑΦΕΩΣ ΣΑΛΒΟ ΒΑΛΕΡΑ

Άρχισαν οι κινηματογράφοι να ζητούν μια διαφορετική ζωή... Αλλά τώρα, άλλα τώρα, πάντως τη λέω για τώρα, πριγκίπισσα θα μου πείτε, τί θα κάνετε με τον καιρό, τί πράγματα πολιτικά θα μου απαντήσετε;

— Καλύτερα να μη μιλάτε καθόλου, τουλάχιστον για μια στιγμή.

Η Αμελία τον κοίταξε με μια ματιά γεμάτη απορία και ύστερα χαμογέλασε απαλά. Ήξερε πως εκείνος είχε δίκιο, αλλά δεν ήθελε να το παραδεχθεί τόσο εύκολα.

— Έχετε κάτι ξεχωριστό στη φωνή σας, κύριε, είπε χαμηλόφωνα.

Απόμακρυνθήκανε από το κέντρο της πόλεως. Στο ταξίδι μέσα στην ερημιά του βράδυ, κάτω από τον ουρανό με τα αστέρια, ο δρόμος έμοιαζε ατελείωτος.

— Πού πηγαίνουμε; ρώτησε εκείνη.

— Σε ένα μέρος που κανείς δεν θα μας βρει, απάντησε με σιγουριά.

Η νύχτα προχώρησε αργά. Ένα παράξενο συναίσθημα πλημμύριζε την ψυχή της νεαρής γυναίκας, μια ανησυχία ανάμικτη με ελπίδα για κάτι καινούργιο.

— Δεν θέλω να με λυπάστε, είπε ξαφνικά. Το μόνο που θέλω είναι να καταλάβω.

Εκείνος σταμάτησε το αυτοκίνητο και γύρισε να την κοιτάξει στα μάτια. Για πρώτη φορά μετά από πολύ καιρό ένιωσε ότι μπορούσε να πει την αλήθεια.

Άρχισαν οι κινηματογράφοι να ζητούν μια διαφορετική ζωή... Αλλά τώρα, άλλα τώρα, πάντως τη λέω για τώρα, πριγκίπισσα θα μου πείτε, τί θα κάνετε με τον καιρό, τί πράγματα πολιτικά θα μου απαντήσετε;

Η Αμελία τον κοίταξε με μια ματιά γεμάτη απορία και ύστερα χαμογέλασε απαλά. Ήξερε πως εκείνος είχε δίκιο, αλλά δεν ήθελε να το παραδεχθεί τόσο εύκολα.

Απόμακρυνθήκανε από το κέντρο της πόλεως. Στο ταξίδι μέσα στην ερημιά του βράδυ, κάτω από τον ουρανό με τα αστέρια, ο δρόμος έμοιαζε ατελείωτος.

Η νύχτα προχώρησε αργά. Ένα παράξενο συναίσθημα πλημμύριζε την ψυχή της νεαρής γυναίκας, μια ανησυχία ανάμικτη με ελπίδα για κάτι καινούργιο.

Εκείνος σταμάτησε το αυτοκίνητο και γύρισε να την κοιτάξει στα μάτια. Για πρώτη φορά μετά από πολύ καιρό ένιωσε ότι μπορούσε να πει την αλήθεια.

— Καλύτερα να μη μιλάτε καθόλου, τουλάχιστον για μια στιγμή.

— Έχετε κάτι ξεχωριστό στη φωνή σας, κύριε, είπε χαμηλόφωνα.

Απόμακρυνθήκανε από το κέντρο της πόλεως. Στο ταξίδι μέσα στην ερημιά του βράδυ, κάτω από τον ουρανό με τα αστέρια, ο δρόμος έμοιαζε ατελείωτος.

— Πού πηγαίνουμε; ρώτησε εκείνη.

Η νύχτα προχώρησε αργά. Ένα παράξενο συναίσθημα πλημμύριζε την ψυχή της νεαρής γυναίκας, μια ανησυχία ανάμικτη με ελπίδα για κάτι καινούργιο.

— Σε ένα μέρος που κανείς δεν θα μας βρει, απάντησε με σιγουριά.

Εκείνος σταμάτησε το αυτοκίνητο και γύρισε να την κοιτάξει στα μάτια. Για πρώτη φορά μετά από πολύ καιρό ένιωσε ότι μπορούσε να πει την αλήθεια.

— Δεν θέλω να με λυπάστε, είπε ξαφνικά. Το μόνο που θέλω είναι να καταλάβω.

Η Αμελία τον κοίταξε με μια ματιά γεμάτη απορία και ύστερα χαμογέλασε απαλά. Ήξερε πως εκείνος είχε δίκιο, αλλά δεν ήθελε να το παραδεχθεί τόσο εύκολα.

Άρχισαν οι κινηματογράφοι να ζητούν μια διαφορετική ζωή... Αλλά τώρα, άλλα τώρα, πάντως τη λέω για τώρα, πριγκίπισσα θα μου πείτε, τί θα κάνετε με τον καιρό, τί πράγματα πολιτικά θα μου απαντήσετε;

— Καλύτερα να μη μιλάτε καθόλου, τουλάχιστον για μια στιγμή.

Η νύχτα προχώρησε αργά. Ένα παράξενο συναίσθημα πλημμύριζε την ψυχή της νεαρής γυναίκας, μια ανησυχία ανάμικτη με ελπίδα για κάτι καινούργιο.

— Έχετε κάτι ξεχωριστό στη φωνή σας, κύριε, είπε χαμηλόφωνα.

Εκείνος σταμάτησε το αυτοκίνητο και γύρισε να την κοιτάξει στα μάτια. Για πρώτη φορά μετά από πολύ καιρό ένιωσε ότι μπορούσε να πει την αλήθεια.

Απόμακρυνθήκανε από το κέντρο της πόλεως. Στο ταξίδι μέσα στην ερημιά του βράδυ, κάτω από τον ουρανό με τα αστέρια, ο δρόμος έμοιαζε ατελείωτος.

Η Αμελία τον κοίταξε με μια ματιά γεμάτη απορία και ύστερα χαμογέλασε απαλά. Ήξερε πως εκείνος είχε δίκιο, αλλά δεν ήθελε να το παραδεχθεί τόσο εύκολα.

— Πού πηγαίνουμε; ρώτησε εκείνη.

Η νύχτα προχώρησε αργά. Ένα παράξενο συναίσθημα πλημμύριζε την ψυχή της νεαρής γυναίκας, μια ανησυχία ανάμικτη με ελπίδα για κάτι καινούργιο.

— Σε ένα μέρος που κανείς δεν θα μας βρει, απάντησε με σιγουριά.

— Δεν θέλω να με λυπάστε, είπε ξαφνικά. Το μόνο που θέλω είναι να καταλάβω.

Εκείνος σταμάτησε το αυτοκίνητο και γύρισε να την κοιτάξει στα μάτια. Για πρώτη φορά μετά από πολύ καιρό ένιωσε ότι μπορούσε να πει την αλήθεια.

Άρχισαν οι κινηματογράφοι να ζητούν μια διαφορετική ζωή... Αλλά τώρα, άλλα τώρα, πάντως τη λέω για τώρα, πριγκίπισσα θα μου πείτε, τί θα κάνετε με τον καιρό, τί πράγματα πολιτικά θα μου απαντήσετε;

— Πού πηγαίνουμε; ρώτησε εκείνη.

Η Αμελία τον κοίταξε με μια ματιά γεμάτη απορία και ύστερα χαμογέλασε απαλά. Ήξερε πως εκείνος είχε δίκιο, αλλά δεν ήθελε να το παραδεχθεί τόσο εύκολα.

— Σε ένα μέρος που κανείς δεν θα μας βρει, απάντησε με σιγουριά.

Απόμακρυνθήκανε από το κέντρο της πόλεως. Στο ταξίδι μέσα στην ερημιά του βράδυ, κάτω από τον ουρανό με τα αστέρια, ο δρόμος έμοιαζε ατελείωτος.

— Καλύτερα να μη μιλάτε καθόλου, τουλάχιστον για μια στιγμή.

Η νύχτα προχώρησε αργά. Ένα παράξενο συναίσθημα πλημμύριζε την ψυχή της νεαρής γυναίκας, μια ανησυχία ανάμικτη με ελπίδα για κάτι καινούργιο.

— Έχετε κάτι ξεχωριστό στη φωνή σας, κύριε, είπε χαμηλόφωνα.

Εκείνος σταμάτησε το αυτοκίνητο και γύρισε να την κοιτάξει στα μάτια. Για πρώτη φορά μετά από πολύ καιρό ένιωσε ότι μπορούσε να πει την αλήθεια.

— Δεν θέλω να με λυπάστε, είπε ξαφνικά. Το μόνο που θέλω είναι να καταλάβω.

Άρχισαν οι κινηματογράφοι να ζητούν μια διαφορετική ζωή... Αλλά τώρα, άλλα τώρα, πάντως τη λέω για τώρα, πριγκίπισσα θα μου πείτε, τί θα κάνετε με τον καιρό, τί πράγματα πολιτικά θα μου απαντήσετε;

Η Αμελία τον κοίταξε με μια ματιά γεμάτη απορία και ύστερα χαμογέλασε απαλά. Ήξερε πως εκείνος είχε δίκιο, αλλά δεν ήθελε να το παραδεχθεί τόσο εύκολα.

Απόμακρυνθήκανε από το κέντρο της πόλεως. Στο ταξίδι μέσα στην ερημιά του βράδυ, κάτω από τον ουρανό με τα αστέρια, ο δρόμος έμοιαζε ατελείωτος.

Η νύχτα προχώρησε αργά. Ένα παράξενο συναίσθημα πλημμύριζε την ψυχή της νεαρής γυναίκας, μια ανησυχία ανάμικτη με ελπίδα για κάτι καινούργιο.

— Πού πηγαίνουμε; ρώτησε εκείνη.

— Καλύτερα να μη μιλάτε καθόλου, τουλάχιστον για μια στιγμή.

Η νύχτα προχώρησε αργά. Ένα παράξενο συναίσθημα πλημμύριζε την ψυχή της νεαρής γυναίκας, μια ανησυχία ανάμικτη με ελπίδα για κάτι καινούργιο.

— Έχετε κάτι ξεχωριστό στη φωνή σας, κύριε, είπε χαμηλόφωνα.

Εκείνος σταμάτησε το αυτοκίνητο και γύρισε να την κοιτάξει στα μάτια. Για πρώτη φορά μετά από πολύ καιρό ένιωσε ότι μπορούσε να πει την αλήθεια.

— Πού πηγαίνουμε; ρώτησε εκείνη.

Η Αμελία τον κοίταξε με μια ματιά γεμάτη απορία και ύστερα χαμογέλασε απαλά. Ήξερε πως εκείνος είχε δίκιο, αλλά δεν ήθελε να το παραδεχθεί τόσο εύκολα.

— Δεν θέλω να με λυπάστε, είπε ξαφνικά. Το μόνο που θέλω είναι να καταλάβω.

Άρχισαν οι κινηματογράφοι να ζητούν μια διαφορετική ζωή... Αλλά τώρα, άλλα τώρα, πάντως τη λέω για τώρα, πριγκίπισσα θα μου πείτε, τί θα κάνετε με τον καιρό, τί πράγματα πολιτικά θα μου απαντήσετε;

Απόμακρυνθήκανε από το κέντρο της πόλεως. Στο ταξίδι μέσα στην ερημιά του βράδυ, κάτω από τον ουρανό με τα αστέρια, ο δρόμος έμοιαζε ατελείωτος.

— Σε ένα μέρος που κανείς δεν θα μας βρει, απάντησε με σιγουριά.

Η νύχτα προχώρησε αργά. Ένα παράξενο συναίσθημα πλημμύριζε την ψυχή της νεαρής γυναίκας, μια ανησυχία ανάμικτη με ελπίδα για κάτι καινούργιο.

Εκείνος σταμάτησε το αυτοκίνητο και γύρισε να την κοιτάξει στα μάτια. Για πρώτη φορά μετά από πολύ καιρό ένιωσε ότι μπορούσε να πει την αλήθεια.

Η Αμελία τον κοίταξε με μια ματιά γεμάτη απορία και ύστερα χαμογέλασε απαλά. Ήξερε πως εκείνος είχε δίκιο, αλλά δεν ήθελε να το παραδεχθεί τόσο εύκολα.

— Πού πηγαίνουμε; ρώτησε εκείνη.

— Καλύτερα να μη μιλάτε καθόλου, τουλάχιστον για μια στιγμή.

ΑΥΡΙΟΝ Η ΣΥΝΕΧΕΙΑ
